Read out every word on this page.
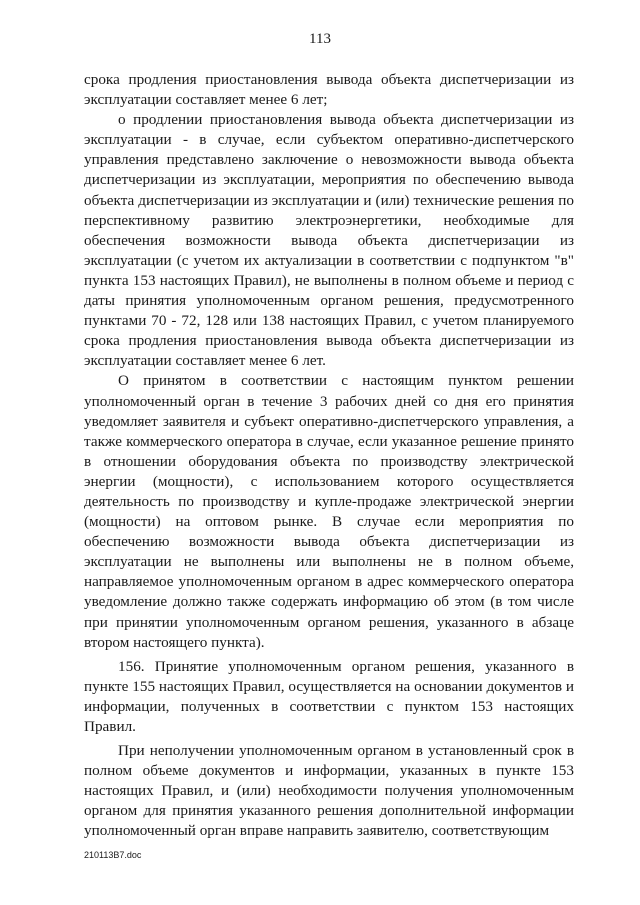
113

срока продления приостановления вывода объекта диспетчеризации из эксплуатации составляет менее 6 лет;

о продлении приостановления вывода объекта диспетчеризации из эксплуатации - в случае, если субъектом оперативно-диспетчерского управления представлено заключение о невозможности вывода объекта диспетчеризации из эксплуатации, мероприятия по обеспечению вывода объекта диспетчеризации из эксплуатации и (или) технические решения по перспективному развитию электроэнергетики, необходимые для обеспечения возможности вывода объекта диспетчеризации из эксплуатации (с учетом их актуализации в соответствии с подпунктом "в" пункта 153 настоящих Правил), не выполнены в полном объеме и период с даты принятия уполномоченным органом решения, предусмотренного пунктами 70 - 72, 128 или 138 настоящих Правил, с учетом планируемого срока продления приостановления вывода объекта диспетчеризации из эксплуатации составляет менее 6 лет.

О принятом в соответствии с настоящим пунктом решении уполномоченный орган в течение 3 рабочих дней со дня его принятия уведомляет заявителя и субъект оперативно-диспетчерского управления, а также коммерческого оператора в случае, если указанное решение принято в отношении оборудования объекта по производству электрической энергии (мощности), с использованием которого осуществляется деятельность по производству и купле-продаже электрической энергии (мощности) на оптовом рынке. В случае если мероприятия по обеспечению возможности вывода объекта диспетчеризации из эксплуатации не выполнены или выполнены не в полном объеме, направляемое уполномоченным органом в адрес коммерческого оператора уведомление должно также содержать информацию об этом (в том числе при принятии уполномоченным органом решения, указанного в абзаце втором настоящего пункта).

156. Принятие уполномоченным органом решения, указанного в пункте 155 настоящих Правил, осуществляется на основании документов и информации, полученных в соответствии с пунктом 153 настоящих Правил.

При неполучении уполномоченным органом в установленный срок в полном объеме документов и информации, указанных в пункте 153 настоящих Правил, и (или) необходимости получения уполномоченным органом для принятия указанного решения дополнительной информации уполномоченный орган вправе направить заявителю, соответствующим

210113В7.doc
